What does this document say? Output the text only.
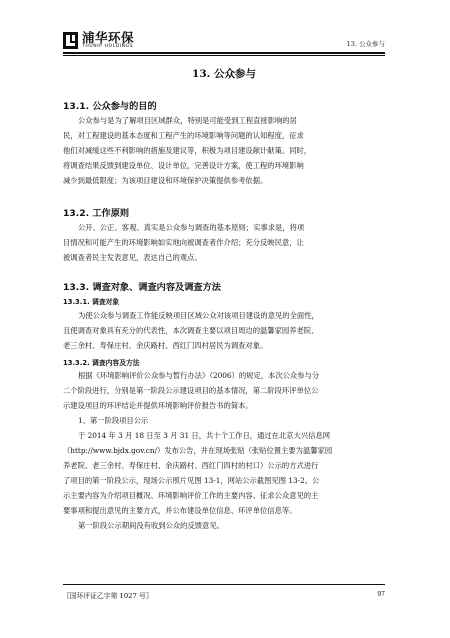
浦华环保
THUNIP HOLDINGS	13. 公众参与
13. 公众参与
13.1. 公众参与的目的
公众参与是为了解项目区域群众，特别是可能受到工程直接影响的居
民，对工程建设的基本态度和工程产生的环境影响等问题的认知程度，征求
他们对减缓这些不利影响的措施及建议等，积极为项目建设献计献策。同时，
将调查结果反馈到建设单位、设计单位，完善设计方案，使工程的环境影响
减少到最低限度；为该项目建设和环境保护决策提供参考依据。
13.2. 工作原则
公开、公正、客观、真实是公众参与调查的基本原则；实事求是，将项
目情况和可能产生的环境影响如实地向被调查者作介绍；充分反映民意，让
被调查者民主发表意见，表达自己的观点。
13.3. 调查对象、调查内容及调查方法
13.3.1. 调查对象
为使公众参与调查工作能反映项目区域公众对该项目建设的意见的全面性，
且使调查对象具有充分的代表性，本次调查主要以项目周边的温馨家园养老院、
老三余村、寿保庄村、余庆路村、西红门四村居民为调查对象。
13.3.2. 调查内容及方法
根据《环境影响评价公众参与暂行办法》（2006）的规定，本次公众参与分
二个阶段进行，分别是第一阶段公示建设项目的基本情况，第二阶段环评单位公
示建设项目的环评结论并提供环境影响评价报告书的简本。
1、第一阶段项目公示
于 2014 年 3 月 18 日至 3 月 31 日，共十个工作日，通过在北京大兴信息网
（http://www.bjdx.gov.cn/）发布公告，并在现场张贴（张贴位置主要为温馨家园
养老院、老三余村、寿保庄村、余庆路村、西红门四村的村口）公示的方式进行
了项目的第一阶段公示，现场公示照片见图 13-1，网站公示截图见图 13-2。公
示主要内容为介绍项目概况、环境影响评价工作的主要内容、征求公众意见的主
要事项和提出意见的主要方式，并公布建设单位信息、环评单位信息等。
第一阶段公示期间没有收到公众的反馈意见。
〖国环评证乙字第 1027 号〗	97
